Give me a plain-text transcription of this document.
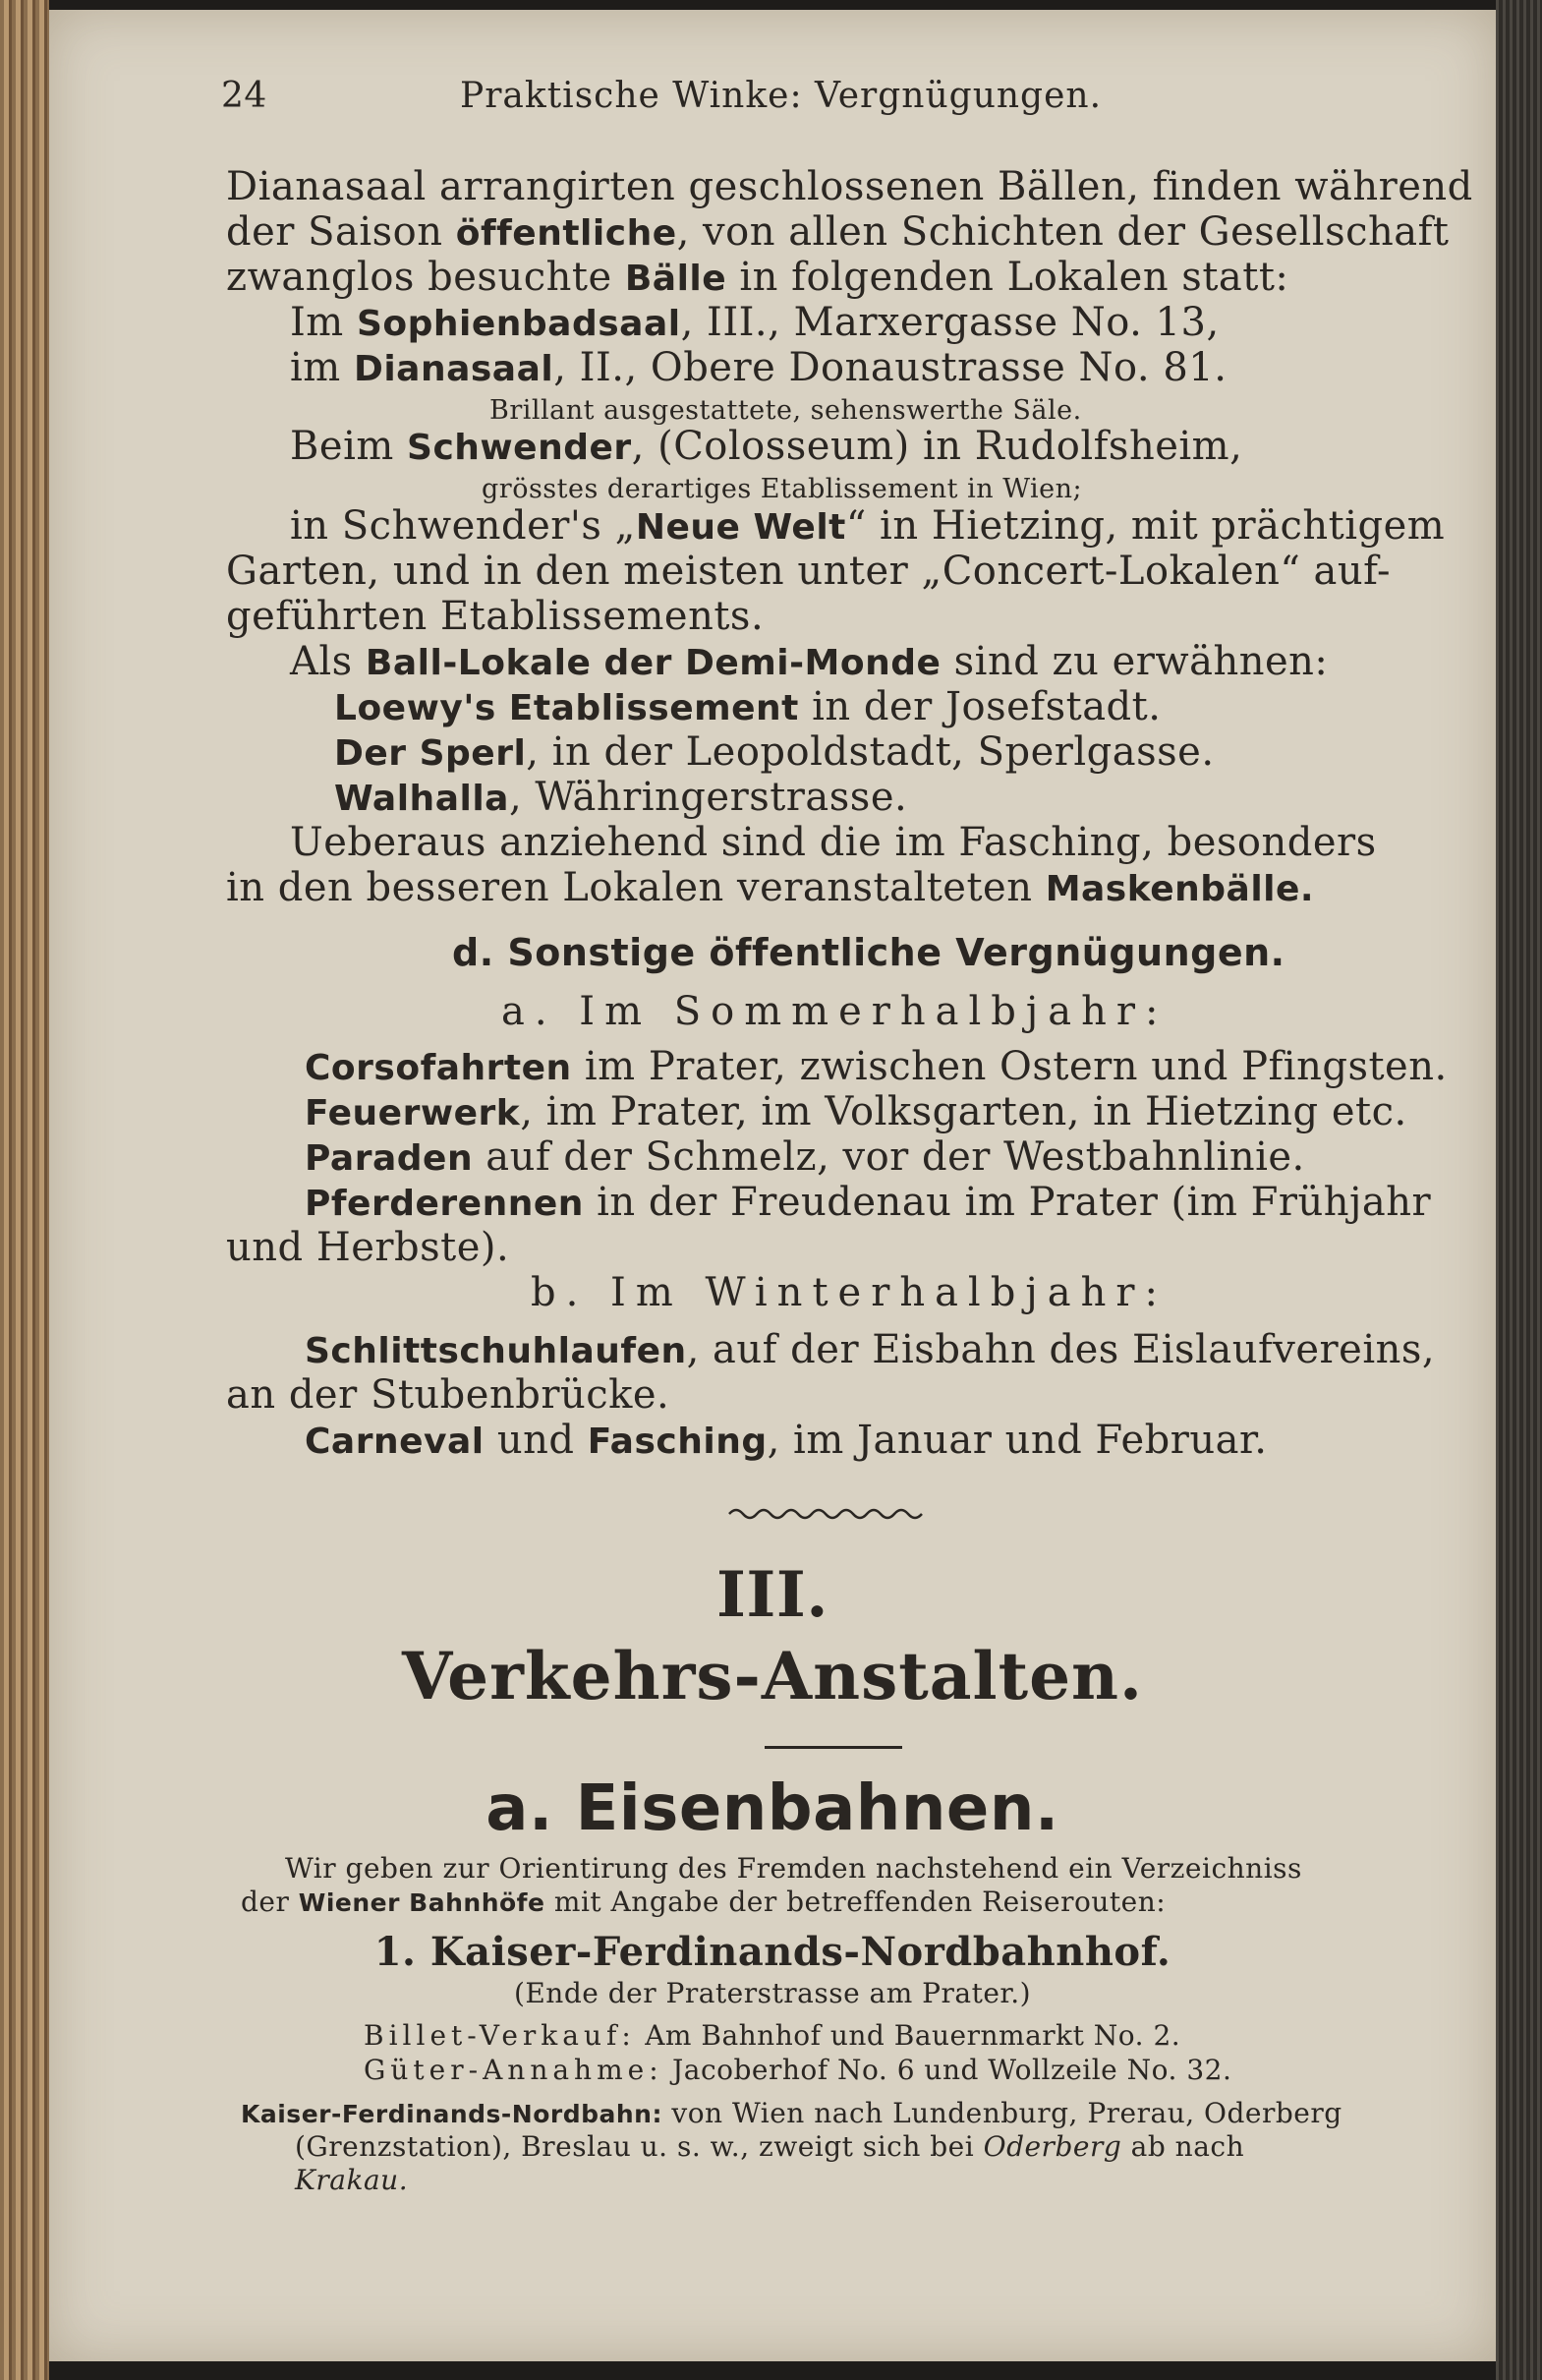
24	Praktische Winke: Vergnügungen.
Dianasaal arrangirten geschlossenen Bällen, finden während
der Saison öffentliche, von allen Schichten der Gesellschaft
zwanglos besuchte Bälle in folgenden Lokalen statt:
Im Sophienbadsaal, III., Marxergasse No. 13,
im Dianasaal, II., Obere Donaustrasse No. 81.
Brillant ausgestattete, sehenswerthe Säle.
Beim Schwender, (Colosseum) in Rudolfsheim,
grösstes derartiges Etablissement in Wien;
in Schwender's „Neue Welt“ in Hietzing, mit prächtigem
Garten, und in den meisten unter „Concert-Lokalen“ auf-
geführten Etablissements.
Als Ball-Lokale der Demi-Monde sind zu erwähnen:
Loewy's Etablissement in der Josefstadt.
Der Sperl, in der Leopoldstadt, Sperlgasse.
Walhalla, Währingerstrasse.
Ueberaus anziehend sind die im Fasching, besonders
in den besseren Lokalen veranstalteten Maskenbälle.
d. Sonstige öffentliche Vergnügungen.
a. Im Sommerhalbjahr:
Corsofahrten im Prater, zwischen Ostern und Pfingsten.
Feuerwerk, im Prater, im Volksgarten, in Hietzing etc.
Paraden auf der Schmelz, vor der Westbahnlinie.
Pferderennen in der Freudenau im Prater (im Frühjahr
und Herbste).
b. Im Winterhalbjahr:
Schlittschuhlaufen, auf der Eisbahn des Eislaufvereins,
an der Stubenbrücke.
Carneval und Fasching, im Januar und Februar.
III.
Verkehrs-Anstalten.
a. Eisenbahnen.
Wir geben zur Orientirung des Fremden nachstehend ein Verzeichniss
der Wiener Bahnhöfe mit Angabe der betreffenden Reiserouten:
1. Kaiser-Ferdinands-Nordbahnhof.
(Ende der Praterstrasse am Prater.)
Billet-Verkauf: Am Bahnhof und Bauernmarkt No. 2.
Güter-Annahme: Jacoberhof No. 6 und Wollzeile No. 32.
Kaiser-Ferdinands-Nordbahn: von Wien nach Lundenburg, Prerau, Oderberg
(Grenzstation), Breslau u. s. w., zweigt sich bei Oderberg ab nach
Krakau.
